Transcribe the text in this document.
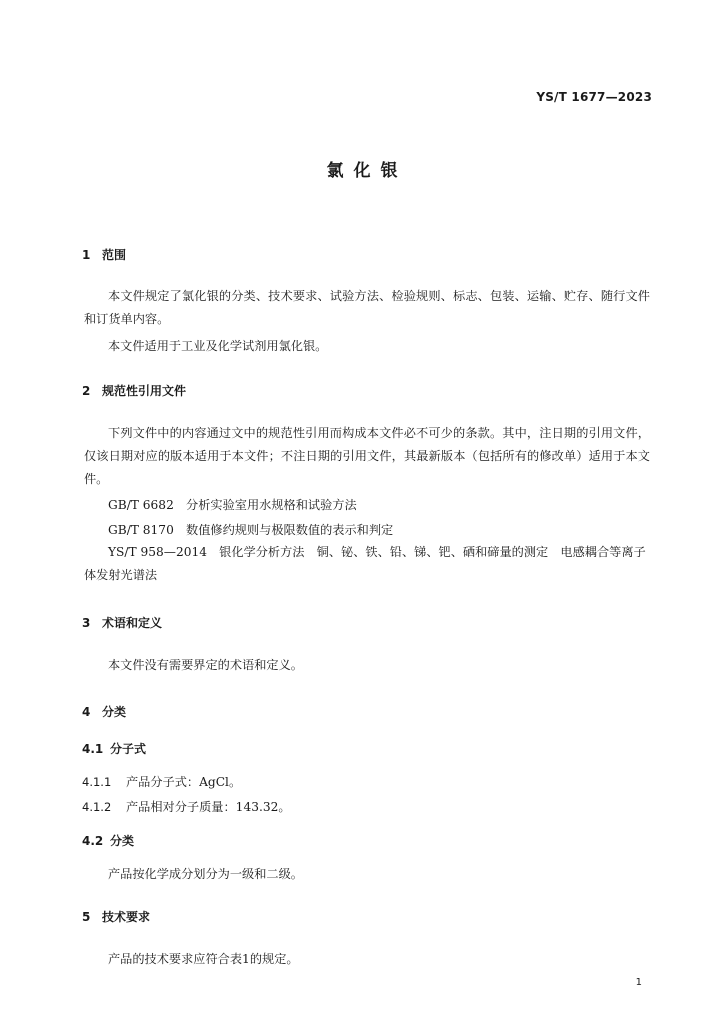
YS/T 1677—2023
氯化银
1 范围
本文件规定了氯化银的分类、技术要求、试验方法、检验规则、标志、包装、运输、贮存、随行文件和订货单内容。
本文件适用于工业及化学试剂用氯化银。
2 规范性引用文件
下列文件中的内容通过文中的规范性引用而构成本文件必不可少的条款。其中，注日期的引用文件，仅该日期对应的版本适用于本文件；不注日期的引用文件，其最新版本（包括所有的修改单）适用于本文件。
GB/T 6682　分析实验室用水规格和试验方法
GB/T 8170　数值修约规则与极限数值的表示和判定
YS/T 958—2014　银化学分析方法　铜、铋、铁、铅、锑、钯、硒和碲量的测定　电感耦合等离子体发射光谱法
3 术语和定义
本文件没有需要界定的术语和定义。
4 分类
4.1 分子式
4.1.1 产品分子式：AgCl。
4.1.2 产品相对分子质量：143.32。
4.2 分类
产品按化学成分划分为一级和二级。
5 技术要求
产品的技术要求应符合表1的规定。
1
